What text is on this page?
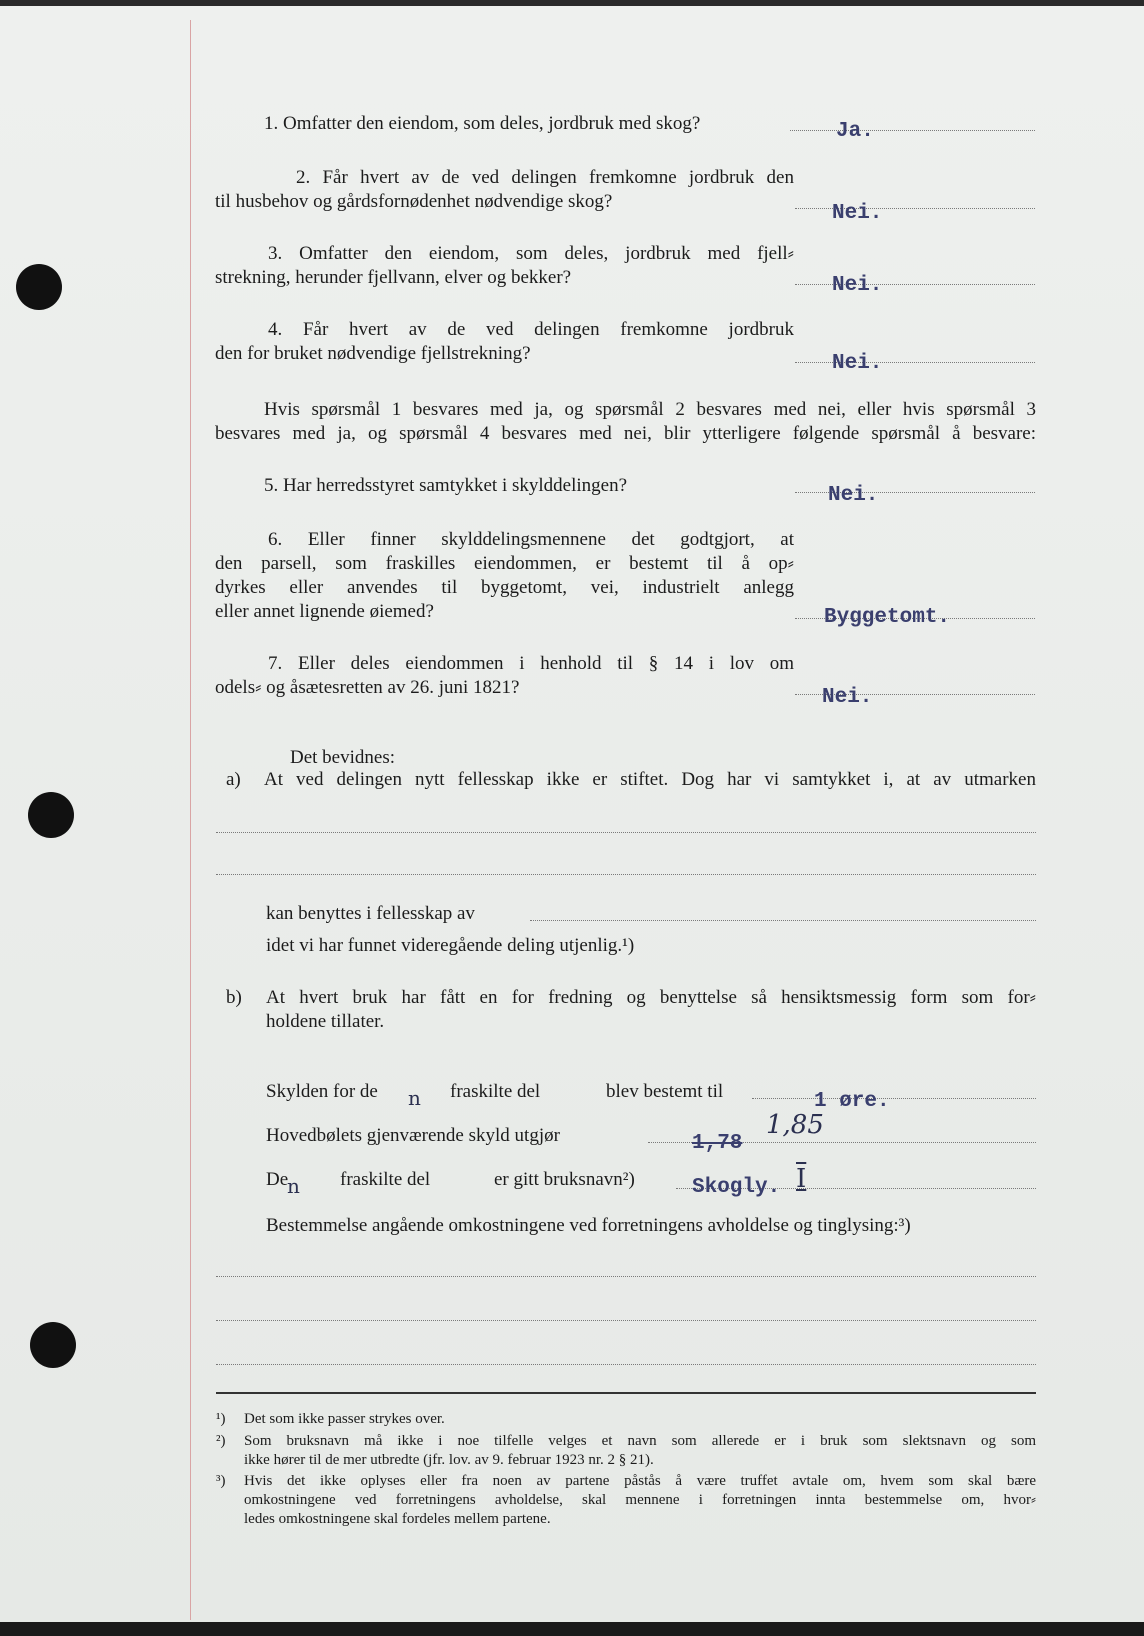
1. Omfatter den eiendom, som deles, jordbruk med skog?	Ja.
2. Får hvert av de ved delingen fremkomne jordbruk den
til husbehov og gårdsfornødenhet nødvendige skog?
Nei.
3. Omfatter den eiendom, som deles, jordbruk med fjell⸗
strekning, herunder fjellvann, elver og bekker?	Nei.
4. Får hvert av de ved delingen fremkomne jordbruk
den for bruket nødvendige fjellstrekning?	Nei.
Hvis spørsmål 1 besvares med ja, og spørsmål 2 besvares med nei, eller hvis spørsmål 3
besvares med ja, og spørsmål 4 besvares med nei, blir ytterligere følgende spørsmål å besvare:
5. Har herredsstyret samtykket i skylddelingen?	Nei.
6. Eller finner skylddelingsmennene det godtgjort, at
den parsell, som fraskilles eiendommen, er bestemt til å op⸗
dyrkes eller anvendes til byggetomt, vei, industrielt anlegg
eller annet lignende øiemed?	Byggetomt.
7. Eller deles eiendommen i henhold til § 14 i lov om
odels⸗ og åsætesretten av 26. juni 1821?	Nei.
Det bevidnes:
a) At ved delingen nytt fellesskap ikke er stiftet. Dog har vi samtykket i, at av utmarken
kan benyttes i fellesskap av
idet vi har funnet videregående deling utjenlig.¹)
b) At hvert bruk har fått en for fredning og benyttelse så hensiktsmessig form som for⸗
holdene tillater.
Skylden for de n fraskilte del	blev bestemt til	1 øre.
Hovedbølets gjenværende skyld utgjør	1,78
1,85
De
n fraskilte del	er gitt bruksnavn²)	Skogly. I
Bestemmelse angående omkostningene ved forretningens avholdelse og tinglysing:³)
¹) Det som ikke passer strykes over.
²) Som bruksnavn må ikke i noe tilfelle velges et navn som allerede er i bruk som slektsnavn og som
ikke hører til de mer utbredte (jfr. lov. av 9. februar 1923 nr. 2 § 21).
³) Hvis det ikke oplyses eller fra noen av partene påstås å være truffet avtale om, hvem som skal bære
omkostningene ved forretningens avholdelse, skal mennene i forretningen innta bestemmelse om, hvor⸗
ledes omkostningene skal fordeles mellem partene.
